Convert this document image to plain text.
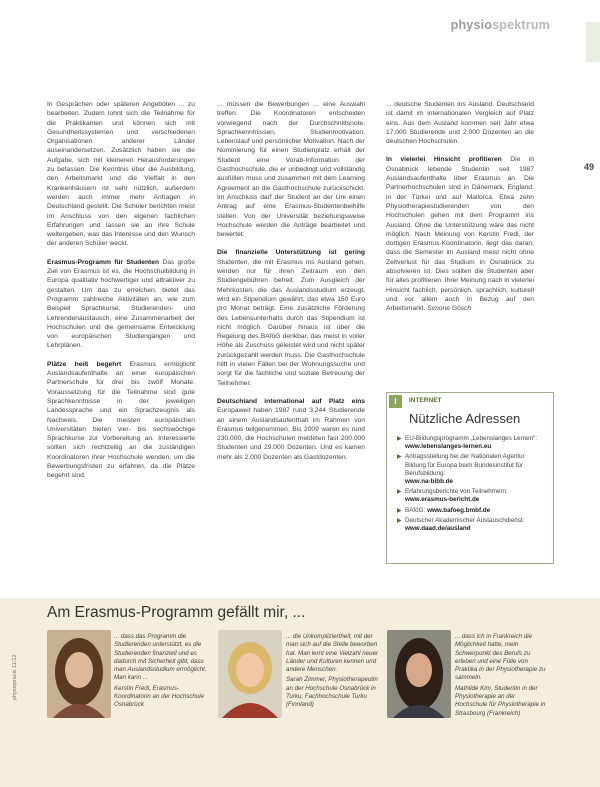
physiospektrum
49

In Gesprächen oder späteren Angeboten ... zu bearbeiten. Zudem lohnt sich die Teilnahme für die Praktikanten und können sich mit Gesundheitssystemen und verschiedenen Organisationen anderer Länder auseinandersetzen. Zusätzlich haben sie die Aufgabe, sich mit kleineren Herausforderungen zu befassen. Die Kenntnis über die Ausbildung, den Arbeitsmarkt und die Vielfalt in den Krankenhäusern ist sehr nützlich, außerdem werden auch immer mehr Anfragen in Deutschland gestellt. Die Schüler berichten meist im Anschluss von den eigenen fachlichen Erfahrungen und lassen sie an ihre Schule weitergeben, was das Interesse und den Wunsch der anderen Schüler weckt.

Erasmus-Programm für Studenten Das große Ziel von Erasmus ist es, die Hochschulbildung in Europa qualitativ hochwertiger und attraktiver zu gestalten. Um das zu erreichen, bietet das Programm zahlreiche Aktivitäten an, wie zum Beispiel Sprachkurse, Studierenden- und Lehrendenaustausch, eine Zusammenarbeit der Hochschulen und die gemeinsame Entwicklung von europäischen Studiengängen und Lehrplänen.

Plätze heiß begehrt Erasmus ermöglicht Auslandsaufenthalte an einer europäischen Partnerschule für drei bis zwölf Monate. Voraussetzung für die Teilnahme sind gute Sprachkenntnisse in der jeweiligen Landessprache und ein Sprachzeugnis als Nachweis. Die meisten europäischen Universitäten bieten vier- bis sechswöchige Sprachkurse zur Vorbereitung an. Interessierte sollten sich rechtzeitig an die zuständigen Koordinatoren ihrer Hochschule wenden, um die Bewerbungsfristen zu erfahren, da die Plätze begehrt sind.

... müssen die Bewerbungen ... eine Auswahl treffen. Die Koordinatoren entscheiden vorwiegend nach der Durchschnittsnote, Sprachkenntnissen, Studienmotivation, Lebenslauf und persönlicher Motivation. Nach der Nominierung für einen Studienplatz erhält der Student eine Vorab-Information der Gasthochschule, die er unbedingt und vollständig ausfüllen muss und zusammen mit dem Learning Agreement an die Gasthochschule zurückschickt. Im Anschluss darf der Student an der Uni einen Antrag auf eine Erasmus-Studentenbeihilfe stellen. Von der Universität beziehungsweise Hochschule werden die Anträge bearbeitet und bewertet.

Die finanzielle Unterstützung ist gering Studenten, die mit Erasmus ins Ausland gehen, werden nur für ihren Zeitraum von den Studiengebühren befreit. Zum Ausgleich der Mehrkosten, die das Auslandsstudium erzeugt, wird ein Stipendium gewährt, das etwa 150 Euro pro Monat beträgt. Eine zusätzliche Förderung des Lebensunterhalts durch das Stipendium ist nicht möglich. Darüber hinaus ist über die Regelung des BAföG denkbar, das meist in voller Höhe als Zuschuss geleistet wird und nicht später zurückgezahlt werden muss. Die Gasthochschule hilft in vielen Fällen bei der Wohnungssuche und sorgt für die fachliche und soziale Betreuung der Teilnehmer.

Deutschland international auf Platz eins Europaweit haben 1987 rund 3.244 Studierende an einem Auslandsaufenthalt im Rahmen von Erasmus teilgenommen. Bis 2009 waren es rund 230.000, die Hochschulen meldeten fast 200.000 Studenten und 29.000 Dozenten. Und es kamen mehr als 2.000 Dozenten als Gastdozenten.

... deutsche Studenten ins Ausland. Deutschland ist damit im internationalen Vergleich auf Platz eins. Aus dem Ausland kommen seit Jahr etwa 17.000 Studierende und 2.000 Dozenten an die deutschen Hochschulen.

In vielerlei Hinsicht profitieren Die in Osnabrück lebende Studentin seit 1987 Auslandsaufenthalte über Erasmus an. Die Partnerhochschulen sind in Dänemark, England, in der Türkei und auf Mallorca. Etwa zehn Physiotherapiestudierenden von den Hochschulen gehen mit dem Programm ins Ausland. Ohne die Unterstützung wäre das nicht möglich. Nach Meinung von Kerstin Fredl, der dortigen Erasmus-Koordinatorin, liegt das daran, dass die Semester im Ausland meist nicht ohne Zeitverlust für das Studium in Osnabrück zu absolvieren ist. Dies sollten die Studenten aber für alles profitieren. Ihrer Meinung nach in vielerlei Hinsicht fachlich, persönlich, sprachlich, kulturell und vor allem auch in Bezug auf den Arbeitsmarkt. Simone Gösch

i	INTERNET
Nützliche Adressen
▶ EU-Bildungsprogramm „Lebenslanges Lernen“:
www.lebenslanges-lernen.eu
▶ Antragsstellung bei der Nationalen Agentur Bildung für Europa beim Bundesinstitut für Berufsbildung:
www.na-bibb.de
▶ Erfahrungsberichte von Teilnehmern:
www.erasmus-bericht.de
▶ BAföG: www.bafoeg.bmbf.de
▶ Deutscher Akademischer Austauschdienst:
www.daad.de/ausland
Am Erasmus-Programm gefällt mir, ...
physiopraxis 11/12
... dass das Programm die Studierenden unterstützt, es die Studierenden finanziell und es dadurch mit Sicherheit gibt, dass man Auslandsstudium ermöglicht. Man kann ...
Kerstin Fredl, Erasmus-Koordinatorin an der Hochschule Osnabrück
... die Unkompliziertheit, mit der man sich auf die Stelle beworben hat. Man lernt eine Vielzahl neuer Länder und Kulturen kennen und andere Menschen.
Sarah Zimmer, Physiotherapeutin an der Hochschule Osnabrück in Turku, Fachhochschule Turku (Finnland)
... dass ich in Frankreich die Möglichkeit hatte, mein Schwerpunkt des Berufs zu erleben und eine Fülle von Praktika in der Physiotherapie zu sammeln.
Mathilde Kim, Studentin in der Physiotherapie an der Hochschule für Physiotherapie in Strasbourg (Frankreich)
